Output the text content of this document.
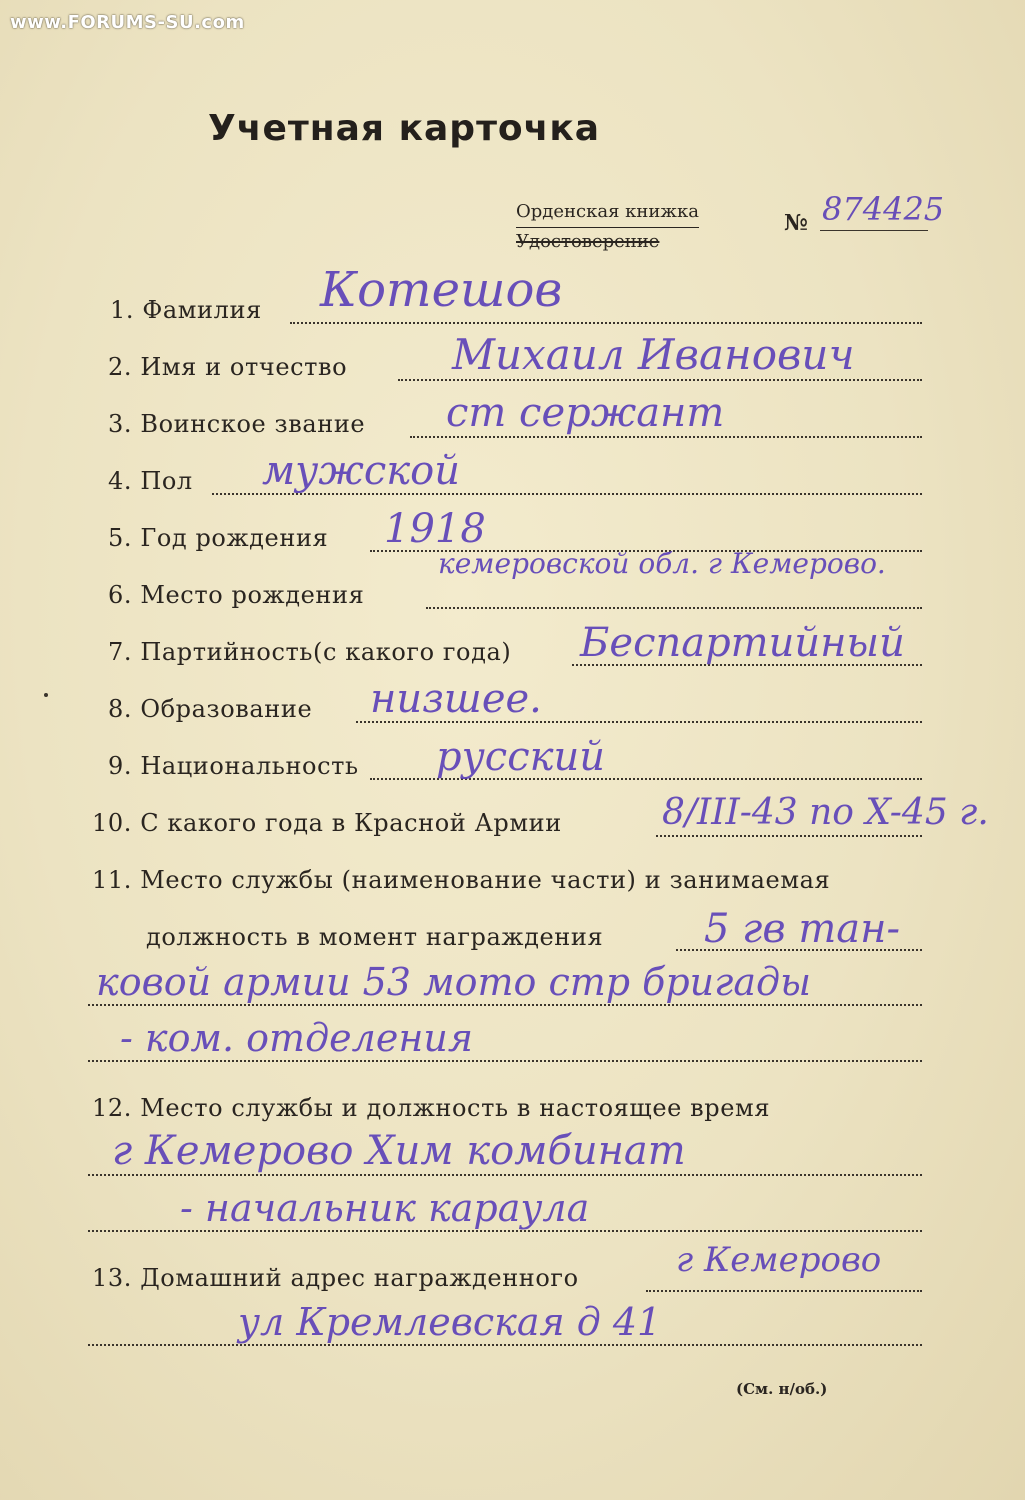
www.FORUMS-SU.com
Учетная карточка
Орденская книжка
Удостоверение
№ 874425
1. Фамилия Котешов
2. Имя и отчество Михаил Иванович
3. Воинское звание ст сержант
4. Пол мужской
5. Год рождения 1918
6. Место рождения
кемеровской обл. г Кемерово.
7. Партийность(с какого года) Беспартийный
8. Образование низшее.
9. Национальность русский
10. С какого года в Красной Армии	8/III-43 по X-45 г.
11. Место службы (наименование части) и занимаемая
должность в момент награждения	5 гв тан-
ковой армии 53 мото стр бригады
- ком. отделения
12. Место службы и должность в настоящее время
г Кемерово Хим комбинат
- начальник караула
13. Домашний адрес награжденного	г Кемерово
ул Кремлевская д 41
(См. н/об.)
